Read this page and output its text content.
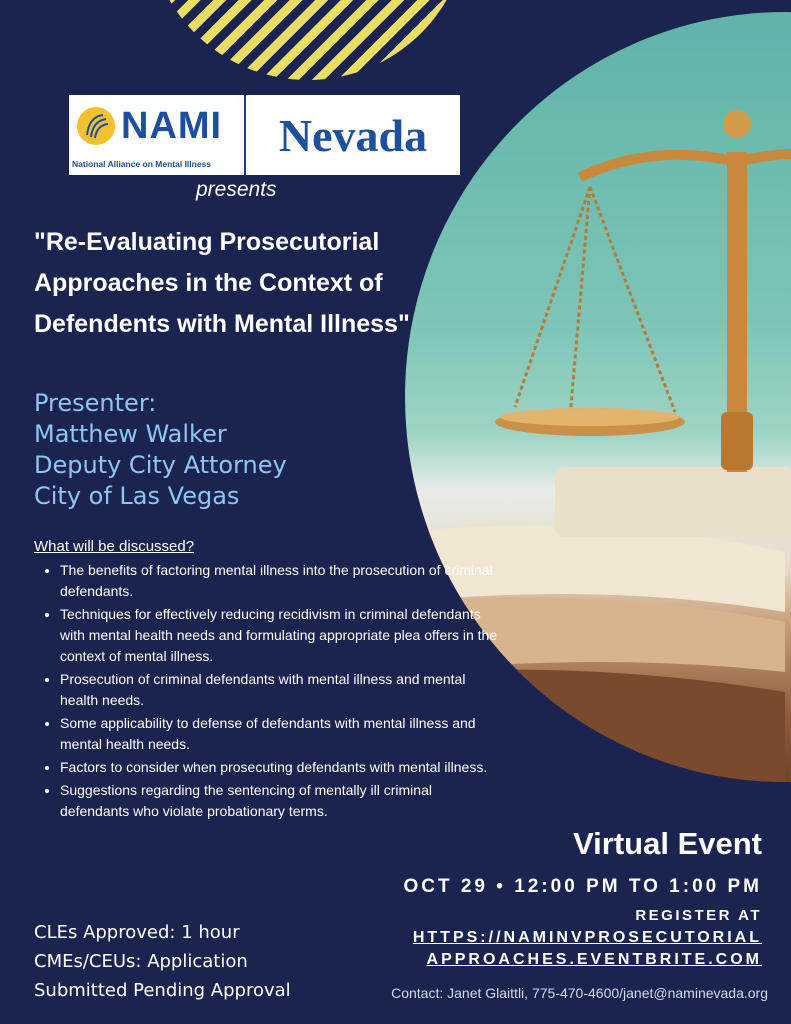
NAMI
National Alliance on Mental Illness
Nevada
presents
"Re-Evaluating Prosecutorial Approaches in the Context of Defendents with Mental Illness"
Presenter:
Matthew Walker
Deputy City Attorney
City of Las Vegas
What will be discussed?
• The benefits of factoring mental illness into the prosecution of criminal defendants.
• Techniques for effectively reducing recidivism in criminal defendants with mental health needs and formulating appropriate plea offers in the context of mental illness.
• Prosecution of criminal defendants with mental illness and mental health needs.
• Some applicability to defense of defendants with mental illness and mental health needs.
• Factors to consider when prosecuting defendants with mental illness.
• Suggestions regarding the sentencing of mentally ill criminal defendants who violate probationary terms.
Virtual Event
OCT 29 • 12:00 PM TO 1:00 PM
REGISTER AT
HTTPS://NAMINVPROSECUTORIAL
APPROACHES.EVENTBRITE.COM
CLEs Approved: 1 hour
CMEs/CEUs: Application
Submitted Pending Approval	Contact: Janet Glaittli, 775-470-4600/janet@naminevada.org
